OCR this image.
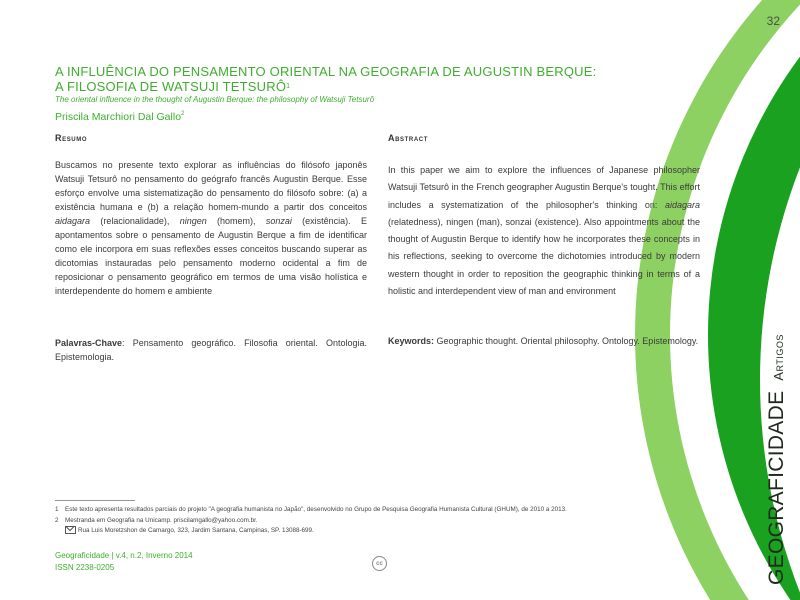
32
A INFLUÊNCIA DO PENSAMENTO ORIENTAL NA GEOGRAFIA DE AUGUSTIN BERQUE:
A FILOSOFIA DE WATSUJI TETSURÔ$^1$
The oriental influence in the thought of Augustin Berque: the philosophy of Watsuji Tetsurô
Priscila Marchiori Dal Gallo$^2$
Resumo	Abstract
Buscamos no presente texto explorar as influências do filósofo japonês Watsuji Tetsurô no pensamento do geógrafo francês Augustin Berque. Esse esforço envolve uma sistematização do pensamento do filósofo sobre: (a) a existência humana e (b) a relação homem-mundo a partir dos conceitos aidagara (relacionalidade), ningen (homem), sonzai (existência). E apontamentos sobre o pensamento de Augustin Berque a fim de identificar como ele incorpora em suas reflexões esses conceitos buscando superar as dicotomias instauradas pelo pensamento moderno ocidental a fim de reposicionar o pensamento geográfico em termos de uma visão holística e interdependente do homem e ambiente
Palavras-Chave: Pensamento geográfico. Filosofia oriental. Ontologia. Epistemologia.
In this paper we aim to explore the influences of Japanese philosopher Watsuji Tetsurô in the French geographer Augustin Berque's tought. This effort includes a systematization of the philosopher's thinking on: aidagara (relatedness), ningen (man), sonzai (existence). Also appointments about the thought of Augustin Berque to identify how he incorporates these concepts in his reflections, seeking to overcome the dichotomies introduced by modern western thought in order to reposition the geographic thinking in terms of a holistic and interdependent view of man and environment
Keywords: Geographic thought. Oriental philosophy. Ontology. Epistemology.
1 Este texto apresenta resultados parciais do projeto "A geografia humanista no Japão", desenvolvido no Grupo de Pesquisa Geografia Humanista Cultural (GHUM), de 2010 a 2013.
2 Mestranda em Geografia na Unicamp. priscilamgallo@yahoo.com.br.
Rua Luis Moretzshon de Camargo, 323, Jardim Santana, Campinas, SP. 13088-699.
Geograficidade | v.4, n.2, Inverno 2014
ISSN 2238-0205	cc	GEOGRAFICIDADEArtigos
